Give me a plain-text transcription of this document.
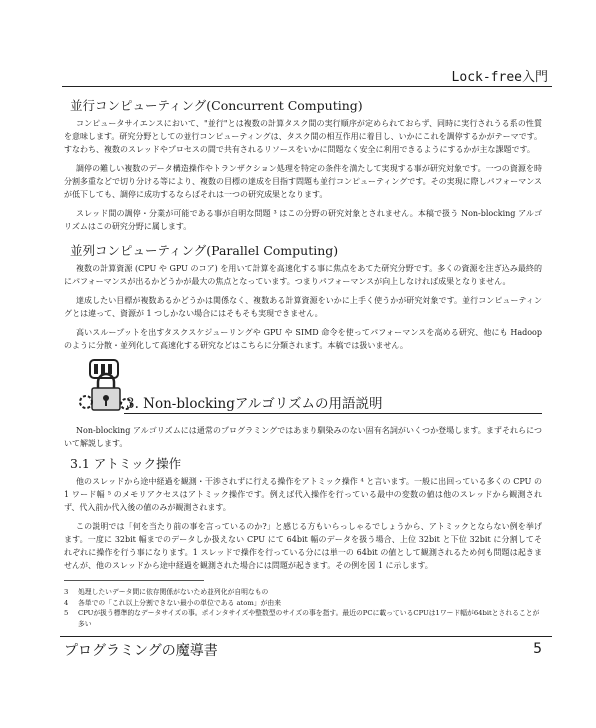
Lock-free入門
並行コンピューティング(Concurrent Computing)

コンピュータサイエンスにおいて、"並行"とは複数の計算タスク間の実行順序が定められておらず、同時に実行されうる系の性質を意味します。研究分野としての並行コンピューティングは、タスク間の相互作用に着目し、いかにこれを調停するかがテーマです。すなわち、複数のスレッドやプロセスの間で共有されるリソースをいかに問題なく安全に利用できるようにするかが主な課題です。

調停の難しい複数のデータ構造操作やトランザクション処理を特定の条件を満たして実現する事が研究対象です。一つの資源を時分割多重などで切り分ける等により、複数の目標の達成を目指す問題も並行コンピューティングです。その実現に際しパフォーマンスが低下しても、調停に成功するならばそれは一つの研究成果となります。

スレッド間の調停・分業が可能である事が自明な問題 ³ はこの分野の研究対象とされません。本稿で扱う Non-blocking アルゴリズムはこの研究分野に属します。

並列コンピューティング(Parallel Computing)

複数の計算資源 (CPU や GPU のコア) を用いて計算を高速化する事に焦点をあてた研究分野です。多くの資源を注ぎ込み最終的にパフォーマンスが出るかどうかが最大の焦点となっています。つまりパフォーマンスが向上しなければ成果となりません。

達成したい目標が複数あるかどうかは関係なく、複数ある計算資源をいかに上手く使うかが研究対象です。並行コンピューティングとは違って、資源が 1 つしかない場合にはそもそも実現できません。

高いスループットを出すタスクスケジューリングや GPU や SIMD 命令を使ってパフォーマンスを高める研究、他にも Hadoop のように分散・並列化して高速化する研究などはこちらに分類されます。本稿では扱いません。

3. Non-blockingアルゴリズムの用語説明

Non-blocking アルゴリズムには通常のプログラミングではあまり馴染みのない固有名詞がいくつか登場します。まずそれらについて解説します。

3.1 アトミック操作

他のスレッドから途中経過を観測・干渉されずに行える操作をアトミック操作 ⁴ と言います。一般に出回っている多くの CPU の 1 ワード幅 ⁵ のメモリアクセスはアトミック操作です。例えば代入操作を行っている最中の変数の値は他のスレッドから観測されず、代入前か代入後の値のみが観測されます。

この説明では「何を当たり前の事を言っているのか?」と感じる方もいらっしゃるでしょうから、アトミックとならない例を挙げます。一度に 32bit 幅までのデータしか扱えない CPU にて 64bit 幅のデータを扱う場合、上位 32bit と下位 32bit に分割してそれぞれに操作を行う事になります。1 スレッドで操作を行っている分には単一の 64bit の値として観測されるため何も問題は起きませんが、他のスレッドから途中経過を観測された場合には問題が起きます。その例を図 1 に示します。

3	処理したいデータ間に依存関係がないため並列化が自明なもの
4	各単での「これ以上分割できない最小の単位である atom」が由来
5	CPUが扱う標準的なデータサイズの事。ポインタサイズや整数型のサイズの事を指す。最近のPCに載っているCPUは1ワード幅が64bitとされることが多い
プログラミングの魔導書	5
